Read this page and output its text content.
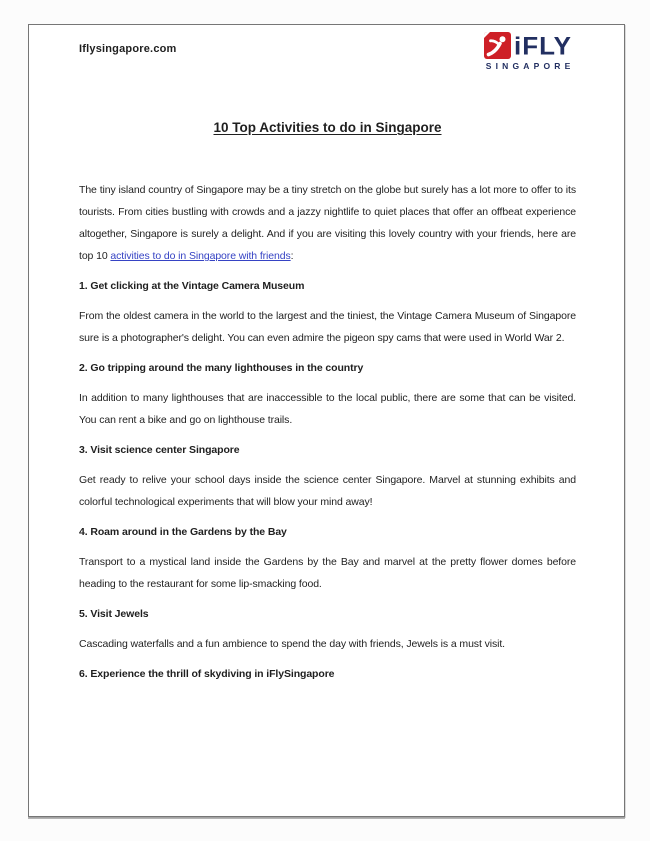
Iflysingapore.com	iFLY
SINGAPORE
10 Top Activities to do in Singapore

The tiny island country of Singapore may be a tiny stretch on the globe but surely has a lot more to offer to its tourists. From cities bustling with crowds and a jazzy nightlife to quiet places that offer an offbeat experience altogether, Singapore is surely a delight. And if you are visiting this lovely country with your friends, here are top 10 activities to do in Singapore with friends:

1. Get clicking at the Vintage Camera Museum

From the oldest camera in the world to the largest and the tiniest, the Vintage Camera Museum of Singapore sure is a photographer's delight. You can even admire the pigeon spy cams that were used in World War 2.

2. Go tripping around the many lighthouses in the country

In addition to many lighthouses that are inaccessible to the local public, there are some that can be visited. You can rent a bike and go on lighthouse trails.

3. Visit science center Singapore

Get ready to relive your school days inside the science center Singapore. Marvel at stunning exhibits and colorful technological experiments that will blow your mind away!

4. Roam around in the Gardens by the Bay

Transport to a mystical land inside the Gardens by the Bay and marvel at the pretty flower domes before heading to the restaurant for some lip-smacking food.

5. Visit Jewels

Cascading waterfalls and a fun ambience to spend the day with friends, Jewels is a must visit.

6. Experience the thrill of skydiving in iFlySingapore
